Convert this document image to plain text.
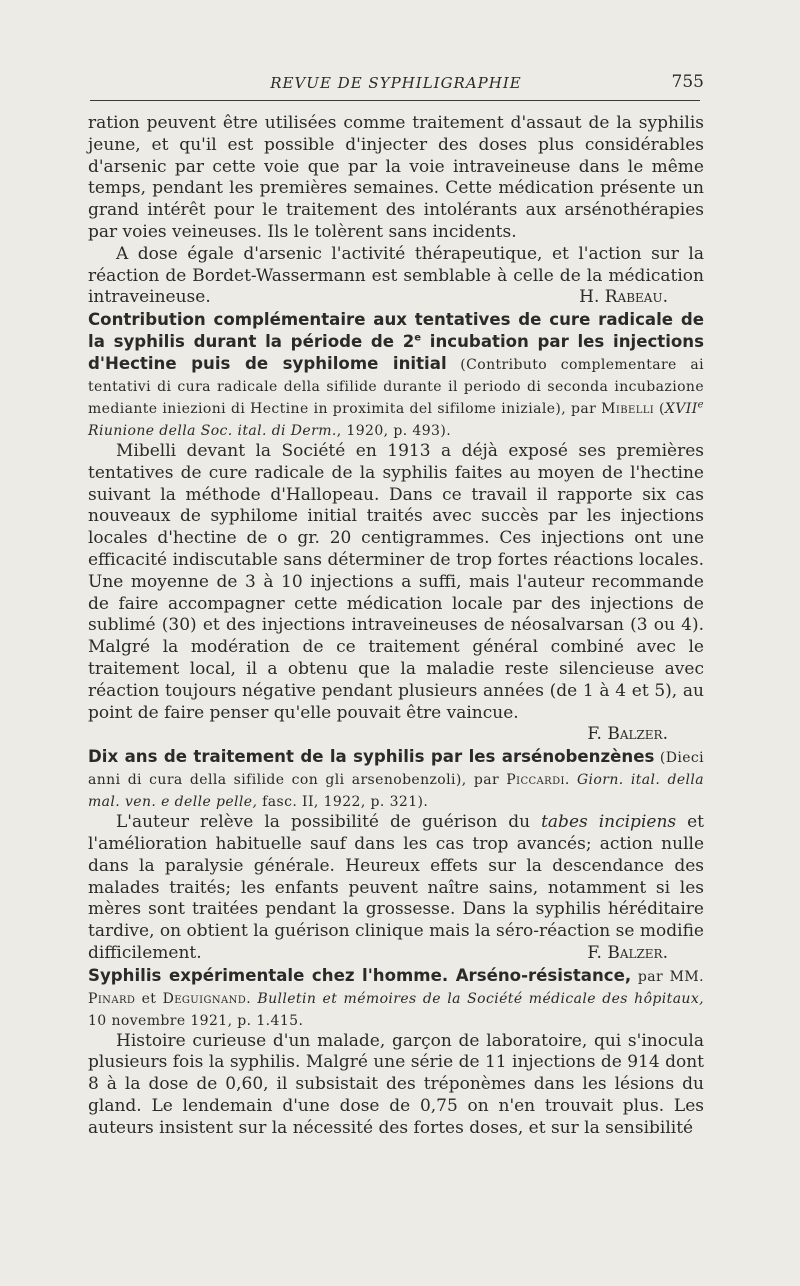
REVUE DE SYPHILIGRAPHIE	755

ration peuvent être utilisées comme traitement d'assaut de la syphilis jeune, et qu'il est possible d'injecter des doses plus considérables d'arsenic par cette voie que par la voie intraveineuse dans le même temps, pendant les premières semaines. Cette médication présente un grand intérêt pour le traitement des intolérants aux arsénothérapies par voies veineuses. Ils le tolèrent sans incidents.

A dose égale d'arsenic l'activité thérapeutique, et l'action sur la réaction de Bordet-Wassermann est semblable à celle de la médication intraveineuse.	H. Rabeau.

Contribution complémentaire aux tentatives de cure radicale de la syphilis durant la période de 2e incubation par les injections d'Hectine puis de syphilome initial (Contributo complementare ai tentativi di cura radicale della sifilide durante il periodo di seconda incubazione mediante iniezioni di Hectine in proximita del sifilome iniziale), par Mibelli (XVIIe Riunione della Soc. ital. di Derm., 1920, p. 493).

Mibelli devant la Société en 1913 a déjà exposé ses premières tentatives de cure radicale de la syphilis faites au moyen de l'hectine suivant la méthode d'Hallopeau. Dans ce travail il rapporte six cas nouveaux de syphilome initial traités avec succès par les injections locales d'hectine de o gr. 20 centigrammes. Ces injections ont une efficacité indiscutable sans déterminer de trop fortes réactions locales. Une moyenne de 3 à 10 injections a suffi, mais l'auteur recommande de faire accompagner cette médication locale par des injections de sublimé (30) et des injections intraveineuses de néosalvarsan (3 ou 4). Malgré la modération de ce traitement général combiné avec le traitement local, il a obtenu que la maladie reste silencieuse avec réaction toujours négative pendant plusieurs années (de 1 à 4 et 5), au point de faire penser qu'elle pouvait être vaincue.

F. Balzer.

Dix ans de traitement de la syphilis par les arsénobenzènes (Dieci anni di cura della sifilide con gli arsenobenzoli), par Piccardi. Giorn. ital. della mal. ven. e delle pelle, fasc. II, 1922, p. 321).

L'auteur relève la possibilité de guérison du tabes incipiens et l'amélioration habituelle sauf dans les cas trop avancés; action nulle dans la paralysie générale. Heureux effets sur la descendance des malades traités; les enfants peuvent naître sains, notamment si les mères sont traitées pendant la grossesse. Dans la syphilis héréditaire tardive, on obtient la guérison clinique mais la séro-réaction se modifie difficilement.	F. Balzer.

Syphilis expérimentale chez l'homme. Arséno-résistance, par MM. Pinard et Deguignand. Bulletin et mémoires de la Société médicale des hôpitaux, 10 novembre 1921, p. 1.415.

Histoire curieuse d'un malade, garçon de laboratoire, qui s'inocula plusieurs fois la syphilis. Malgré une série de 11 injections de 914 dont 8 à la dose de 0,60, il subsistait des tréponèmes dans les lésions du gland. Le lendemain d'une dose de 0,75 on n'en trouvait plus. Les auteurs insistent sur la nécessité des fortes doses, et sur la sensibilité
